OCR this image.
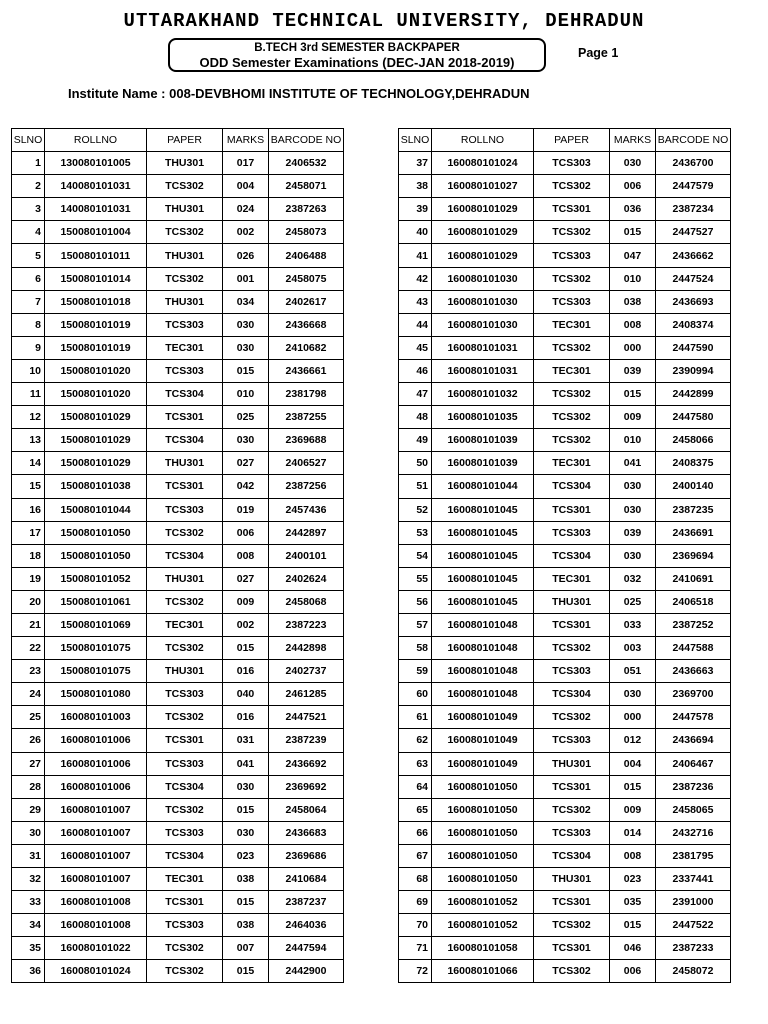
UTTARAKHAND TECHNICAL UNIVERSITY, DEHRADUN
B.TECH 3rd SEMESTER BACKPAPER
ODD Semester Examinations (DEC-JAN 2018-2019)
Page 1
Institute Name : 008-DEVBHOMI INSTITUTE OF TECHNOLOGY,DEHRADUN
SLNO	ROLLNO	PAPER	MARKS	BARCODE NO
1	130080101005	THU301	017	2406532
2	140080101031	TCS302	004	2458071
3	140080101031	THU301	024	2387263
4	150080101004	TCS302	002	2458073
5	150080101011	THU301	026	2406488
6	150080101014	TCS302	001	2458075
7	150080101018	THU301	034	2402617
8	150080101019	TCS303	030	2436668
9	150080101019	TEC301	030	2410682
10	150080101020	TCS303	015	2436661
11	150080101020	TCS304	010	2381798
12	150080101029	TCS301	025	2387255
13	150080101029	TCS304	030	2369688
14	150080101029	THU301	027	2406527
15	150080101038	TCS301	042	2387256
16	150080101044	TCS303	019	2457436
17	150080101050	TCS302	006	2442897
18	150080101050	TCS304	008	2400101
19	150080101052	THU301	027	2402624
20	150080101061	TCS302	009	2458068
21	150080101069	TEC301	002	2387223
22	150080101075	TCS302	015	2442898
23	150080101075	THU301	016	2402737
24	150080101080	TCS303	040	2461285
25	160080101003	TCS302	016	2447521
26	160080101006	TCS301	031	2387239
27	160080101006	TCS303	041	2436692
28	160080101006	TCS304	030	2369692
29	160080101007	TCS302	015	2458064
30	160080101007	TCS303	030	2436683
31	160080101007	TCS304	023	2369686
32	160080101007	TEC301	038	2410684
33	160080101008	TCS301	015	2387237
34	160080101008	TCS303	038	2464036
35	160080101022	TCS302	007	2447594
36	160080101024	TCS302	015	2442900
SLNO	ROLLNO	PAPER	MARKS	BARCODE NO
37	160080101024	TCS303	030	2436700
38	160080101027	TCS302	006	2447579
39	160080101029	TCS301	036	2387234
40	160080101029	TCS302	015	2447527
41	160080101029	TCS303	047	2436662
42	160080101030	TCS302	010	2447524
43	160080101030	TCS303	038	2436693
44	160080101030	TEC301	008	2408374
45	160080101031	TCS302	000	2447590
46	160080101031	TEC301	039	2390994
47	160080101032	TCS302	015	2442899
48	160080101035	TCS302	009	2447580
49	160080101039	TCS302	010	2458066
50	160080101039	TEC301	041	2408375
51	160080101044	TCS304	030	2400140
52	160080101045	TCS301	030	2387235
53	160080101045	TCS303	039	2436691
54	160080101045	TCS304	030	2369694
55	160080101045	TEC301	032	2410691
56	160080101045	THU301	025	2406518
57	160080101048	TCS301	033	2387252
58	160080101048	TCS302	003	2447588
59	160080101048	TCS303	051	2436663
60	160080101048	TCS304	030	2369700
61	160080101049	TCS302	000	2447578
62	160080101049	TCS303	012	2436694
63	160080101049	THU301	004	2406467
64	160080101050	TCS301	015	2387236
65	160080101050	TCS302	009	2458065
66	160080101050	TCS303	014	2432716
67	160080101050	TCS304	008	2381795
68	160080101050	THU301	023	2337441
69	160080101052	TCS301	035	2391000
70	160080101052	TCS302	015	2447522
71	160080101058	TCS301	046	2387233
72	160080101066	TCS302	006	2458072
